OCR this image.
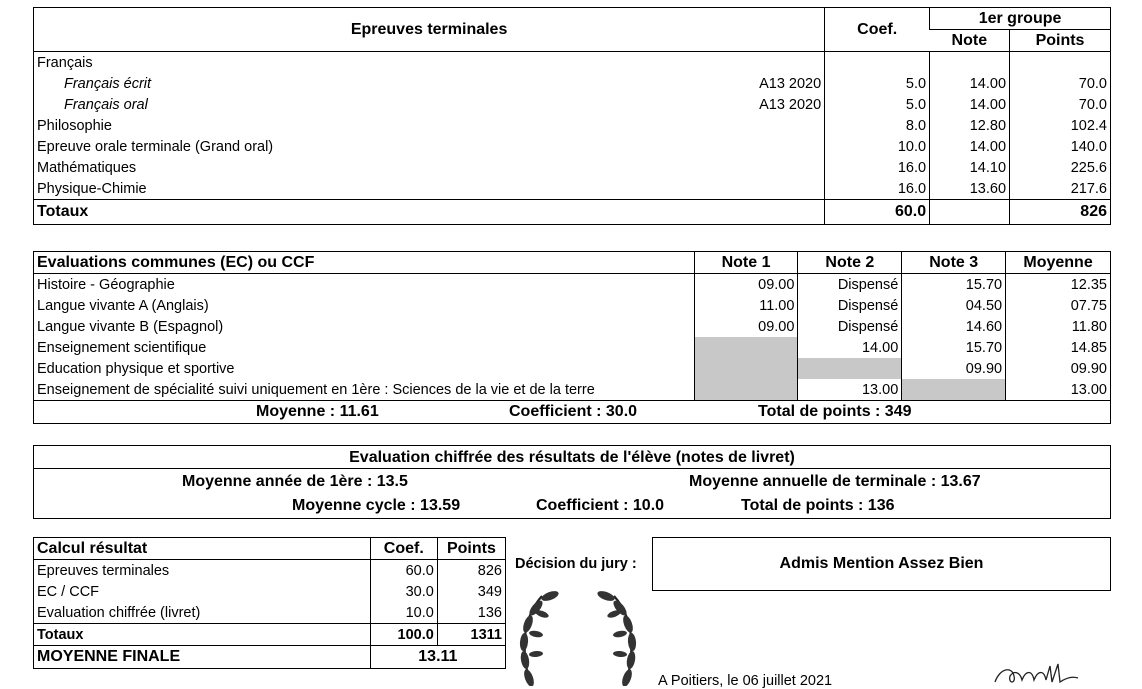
Epreuves terminales	Coef.	1er groupe	
		Note	Points
Français			
Français écrit A13 2020	5.0	14.00	70.0
Français oral A13 2020	5.0	14.00	70.0
Philosophie	8.0	12.80	102.4
Epreuve orale terminale (Grand oral)	10.0	14.00	140.0
Mathématiques	16.0	14.10	225.6
Physique-Chimie	16.0	13.60	217.6
Totaux	60.0		826
Evaluations communes (EC) ou CCF	Note 1	Note 2	Note 3	Moyenne
Histoire - Géographie	09.00	Dispensé	15.70	12.35
Langue vivante A (Anglais)	11.00	Dispensé	04.50	07.75
Langue vivante B (Espagnol)	09.00	Dispensé	14.60	11.80
Enseignement scientifique		14.00	15.70	14.85
Education physique et sportive			09.90	09.90
Enseignement de spécialité suivi uniquement en 1ère : Sciences de la vie et de la terre		13.00		13.00

Moyenne : 11.61 Coefficient : 30.0 Total de points : 349				
Evaluation chiffrée des résultats de l'élève (notes de livret)
Moyenne année de 1ère : 13.5	Moyenne annuelle de terminale : 13.67
Moyenne cycle : 13.59	Coefficient : 10.0	Total de points : 136
Calcul résultat	Coef.	Points
Epreuves terminales	60.0	826
EC / CCF	30.0	349
Evaluation chiffrée (livret)	10.0	136
Totaux	100.0	1311
MOYENNE FINALE	13.11	
Décision du jury :	Admis Mention Assez Bien
A Poitiers, le 06 juillet 2021
